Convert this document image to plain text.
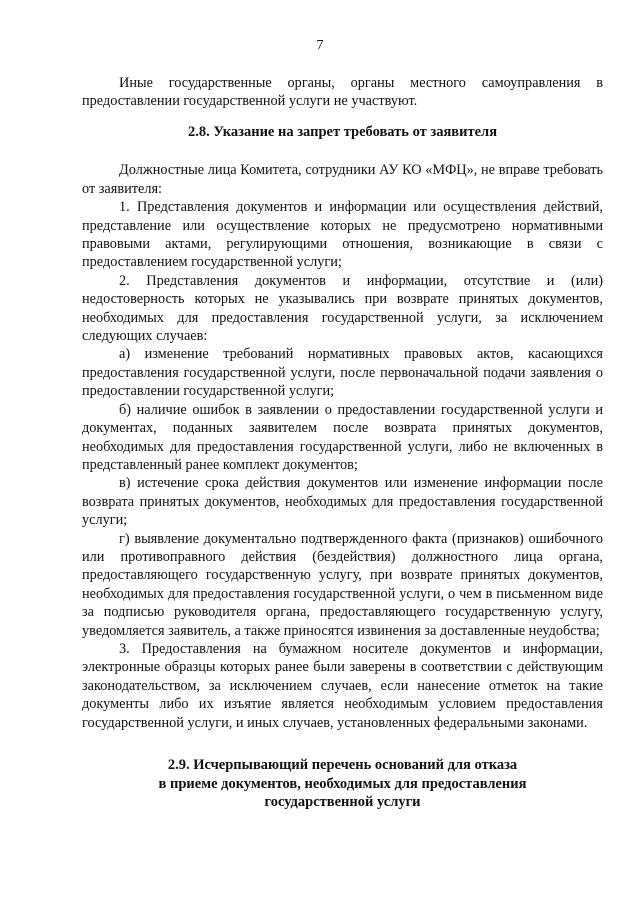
7

Иные государственные органы, органы местного самоуправления в предоставлении государственной услуги не участвуют.

2.8. Указание на запрет требовать от заявителя

Должностные лица Комитета, сотрудники АУ КО «МФЦ», не вправе требовать от заявителя:

1. Представления документов и информации или осуществления действий, представление или осуществление которых не предусмотрено нормативными правовыми актами, регулирующими отношения, возникающие в связи с предоставлением государственной услуги;

2. Представления документов и информации, отсутствие и (или) недостоверность которых не указывались при возврате принятых документов, необходимых для предоставления государственной услуги, за исключением следующих случаев:

а) изменение требований нормативных правовых актов, касающихся предоставления государственной услуги, после первоначальной подачи заявления о предоставлении государственной услуги;

б) наличие ошибок в заявлении о предоставлении государственной услуги и документах, поданных заявителем после возврата принятых документов, необходимых для предоставления государственной услуги, либо не включенных в представленный ранее комплект документов;

в) истечение срока действия документов или изменение информации после возврата принятых документов, необходимых для предоставления государственной услуги;

г) выявление документально подтвержденного факта (признаков) ошибочного или противоправного действия (бездействия) должностного лица органа, предоставляющего государственную услугу, при возврате принятых документов, необходимых для предоставления государственной услуги, о чем в письменном виде за подписью руководителя органа, предоставляющего государственную услугу, уведомляется заявитель, а также приносятся извинения за доставленные неудобства;

3. Предоставления на бумажном носителе документов и информации, электронные образцы которых ранее были заверены в соответствии с действующим законодательством, за исключением случаев, если нанесение отметок на такие документы либо их изъятие является необходимым условием предоставления государственной услуги, и иных случаев, установленных федеральными законами.

2.9. Исчерпывающий перечень оснований для отказа
в приеме документов, необходимых для предоставления
государственной услуги
